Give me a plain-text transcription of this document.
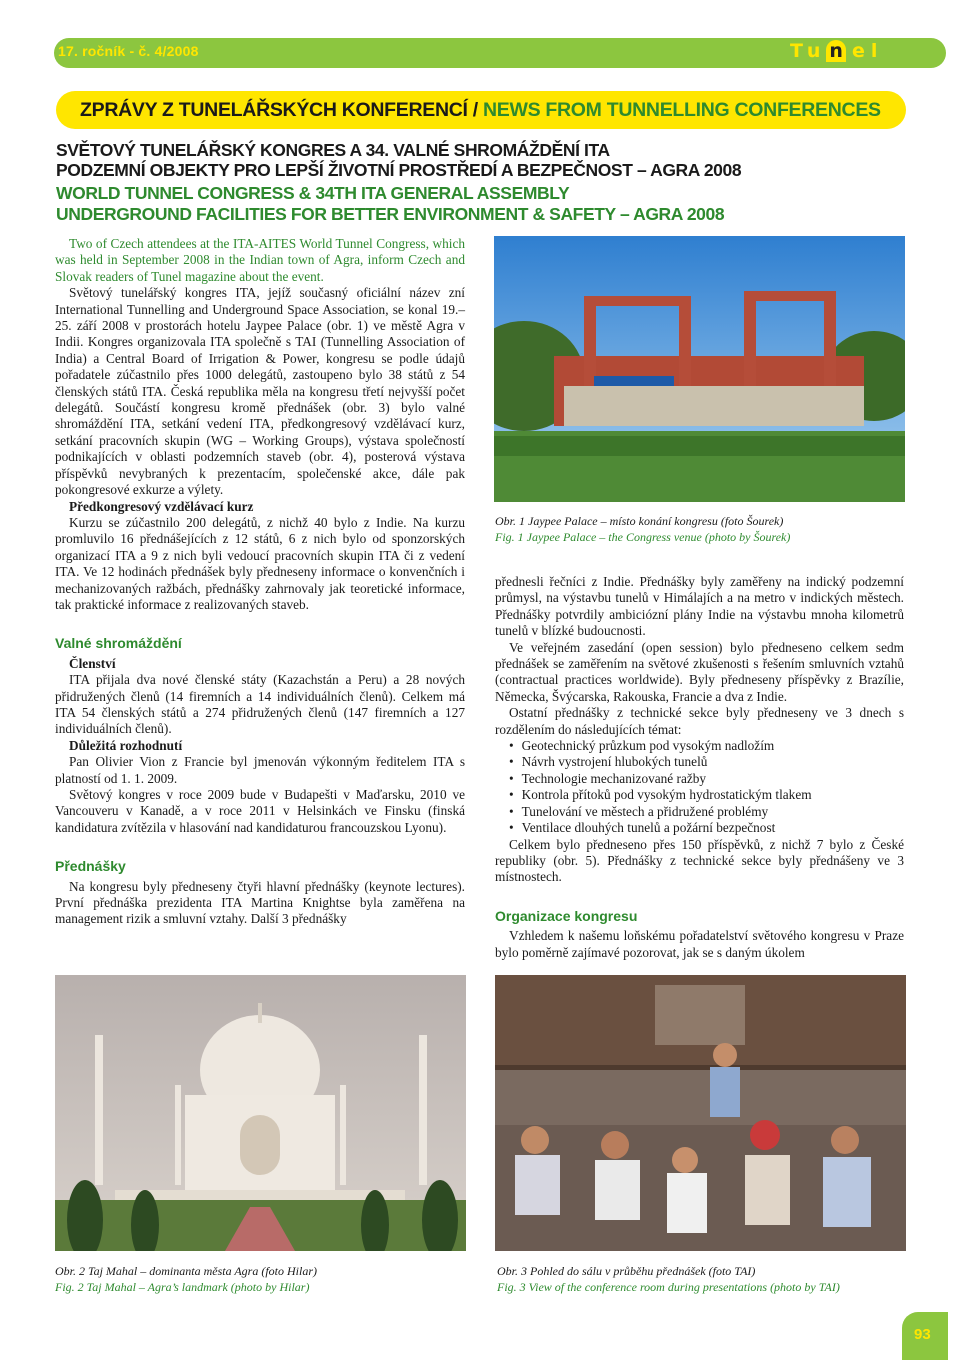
17. ročník - č. 4/2008	Tu n el
ZPRÁVY Z TUNELÁŘSKÝCH KONFERENCÍ / NEWS FROM TUNNELLING CONFERENCES
SVĚTOVÝ TUNELÁŘSKÝ KONGRES A 34. VALNÉ SHROMÁŽDĚNÍ ITA
PODZEMNÍ OBJEKTY PRO LEPŠÍ ŽIVOTNÍ PROSTŘEDÍ A BEZPEČNOST – AGRA 2008
WORLD TUNNEL CONGRESS & 34TH ITA GENERAL ASSEMBLY
UNDERGROUND FACILITIES FOR BETTER ENVIRONMENT & SAFETY – AGRA 2008

Two of Czech attendees at the ITA-AITES World Tunnel Congress, which was held in September 2008 in the Indian town of Agra, inform Czech and Slovak readers of Tunel magazine about the event.

Světový tunelářský kongres ITA, jejíž současný oficiální název zní International Tunnelling and Underground Space Association, se konal 19.–25. září 2008 v prostorách hotelu Jaypee Palace (obr. 1) ve městě Agra v Indii. Kongres organizovala ITA společně s TAI (Tunnelling Association of India) a Central Board of Irrigation & Power, kongresu se podle údajů pořadatele zúčastnilo přes 1000 delegátů, zastoupeno bylo 38 států z 54 členských států ITA. Česká republika měla na kongresu třetí nejvyšší počet delegátů. Součástí kongresu kromě přednášek (obr. 3) bylo valné shromáždění ITA, setkání vedení ITA, předkongresový vzdělávací kurz, setkání pracovních skupin (WG – Working Groups), výstava společností podnikajících v oblasti podzemních staveb (obr. 4), posterová výstava příspěvků nevybraných k prezentacím, společenské akce, dále pak pokongresové exkurze a výlety.

Předkongresový vzdělávací kurz

Kurzu se zúčastnilo 200 delegátů, z nichž 40 bylo z Indie. Na kurzu promluvilo 16 přednášejících z 12 států, 6 z nich bylo od sponzorských organizací ITA a 9 z nich byli vedoucí pracovních skupin ITA či z vedení ITA. Ve 12 hodinách přednášek byly předneseny informace o konvenčních i mechanizovaných ražbách, přednášky zahrnovaly jak teoretické informace, tak praktické informace z realizovaných staveb.

Valné shromáždění

Členství

ITA přijala dva nové členské státy (Kazachstán a Peru) a 28 nových přidružených členů (14 firemních a 14 individuálních členů). Celkem má ITA 54 členských států a 274 přidružených členů (147 firemních a 127 individuálních členů).

Důležitá rozhodnutí

Pan Olivier Vion z Francie byl jmenován výkonným ředitelem ITA s platností od 1. 1. 2009.

Světový kongres v roce 2009 bude v Budapešti v Maďarsku, 2010 ve Vancouveru v Kanadě, a v roce 2011 v Helsinkách ve Finsku (finská kandidatura zvítězila v hlasování nad kandidaturou francouzskou Lyonu).

Přednášky

Na kongresu byly předneseny čtyři hlavní přednášky (keynote lectures). První přednáška prezidenta ITA Martina Knightse byla zaměřena na management rizik a smluvní vztahy. Další 3 přednášky

Obr. 1 Jaypee Palace – místo konání kongresu (foto Šourek)
Fig. 1 Jaypee Palace – the Congress venue (photo by Šourek)

přednesli řečníci z Indie. Přednášky byly zaměřeny na indický podzemní průmysl, na výstavbu tunelů v Himálajích a na metro v indických městech. Přednášky potvrdily ambiciózní plány Indie na výstavbu mnoha kilometrů tunelů v blízké budoucnosti.

Ve veřejném zasedání (open session) bylo předneseno celkem sedm přednášek se zaměřením na světové zkušenosti s řešením smluvních vztahů (contractual practices worldwide). Byly předneseny příspěvky z Brazílie, Německa, Švýcarska, Rakouska, Francie a dva z Indie.

Ostatní přednášky z technické sekce byly předneseny ve 3 dnech s rozdělením do následujících témat:

• Geotechnický průzkum pod vysokým nadložím
• Návrh vystrojení hlubokých tunelů
• Technologie mechanizované ražby
• Kontrola přítoků pod vysokým hydrostatickým tlakem
• Tunelování ve městech a přidružené problémy
• Ventilace dlouhých tunelů a požární bezpečnost

Celkem bylo předneseno přes 150 příspěvků, z nichž 7 bylo z České republiky (obr. 5). Přednášky z technické sekce byly přednášeny ve 3 místnostech.

Organizace kongresu

Vzhledem k našemu loňskému pořadatelství světového kongresu v Praze bylo poměrně zajímavé pozorovat, jak se s daným úkolem

Obr. 2 Taj Mahal – dominanta města Agra (foto Hilar)
Fig. 2 Taj Mahal – Agra’s landmark (photo by Hilar)
Obr. 3 Pohled do sálu v průběhu přednášek (foto TAI)
Fig. 3 View of the conference room during presentations (photo by TAI)
93
